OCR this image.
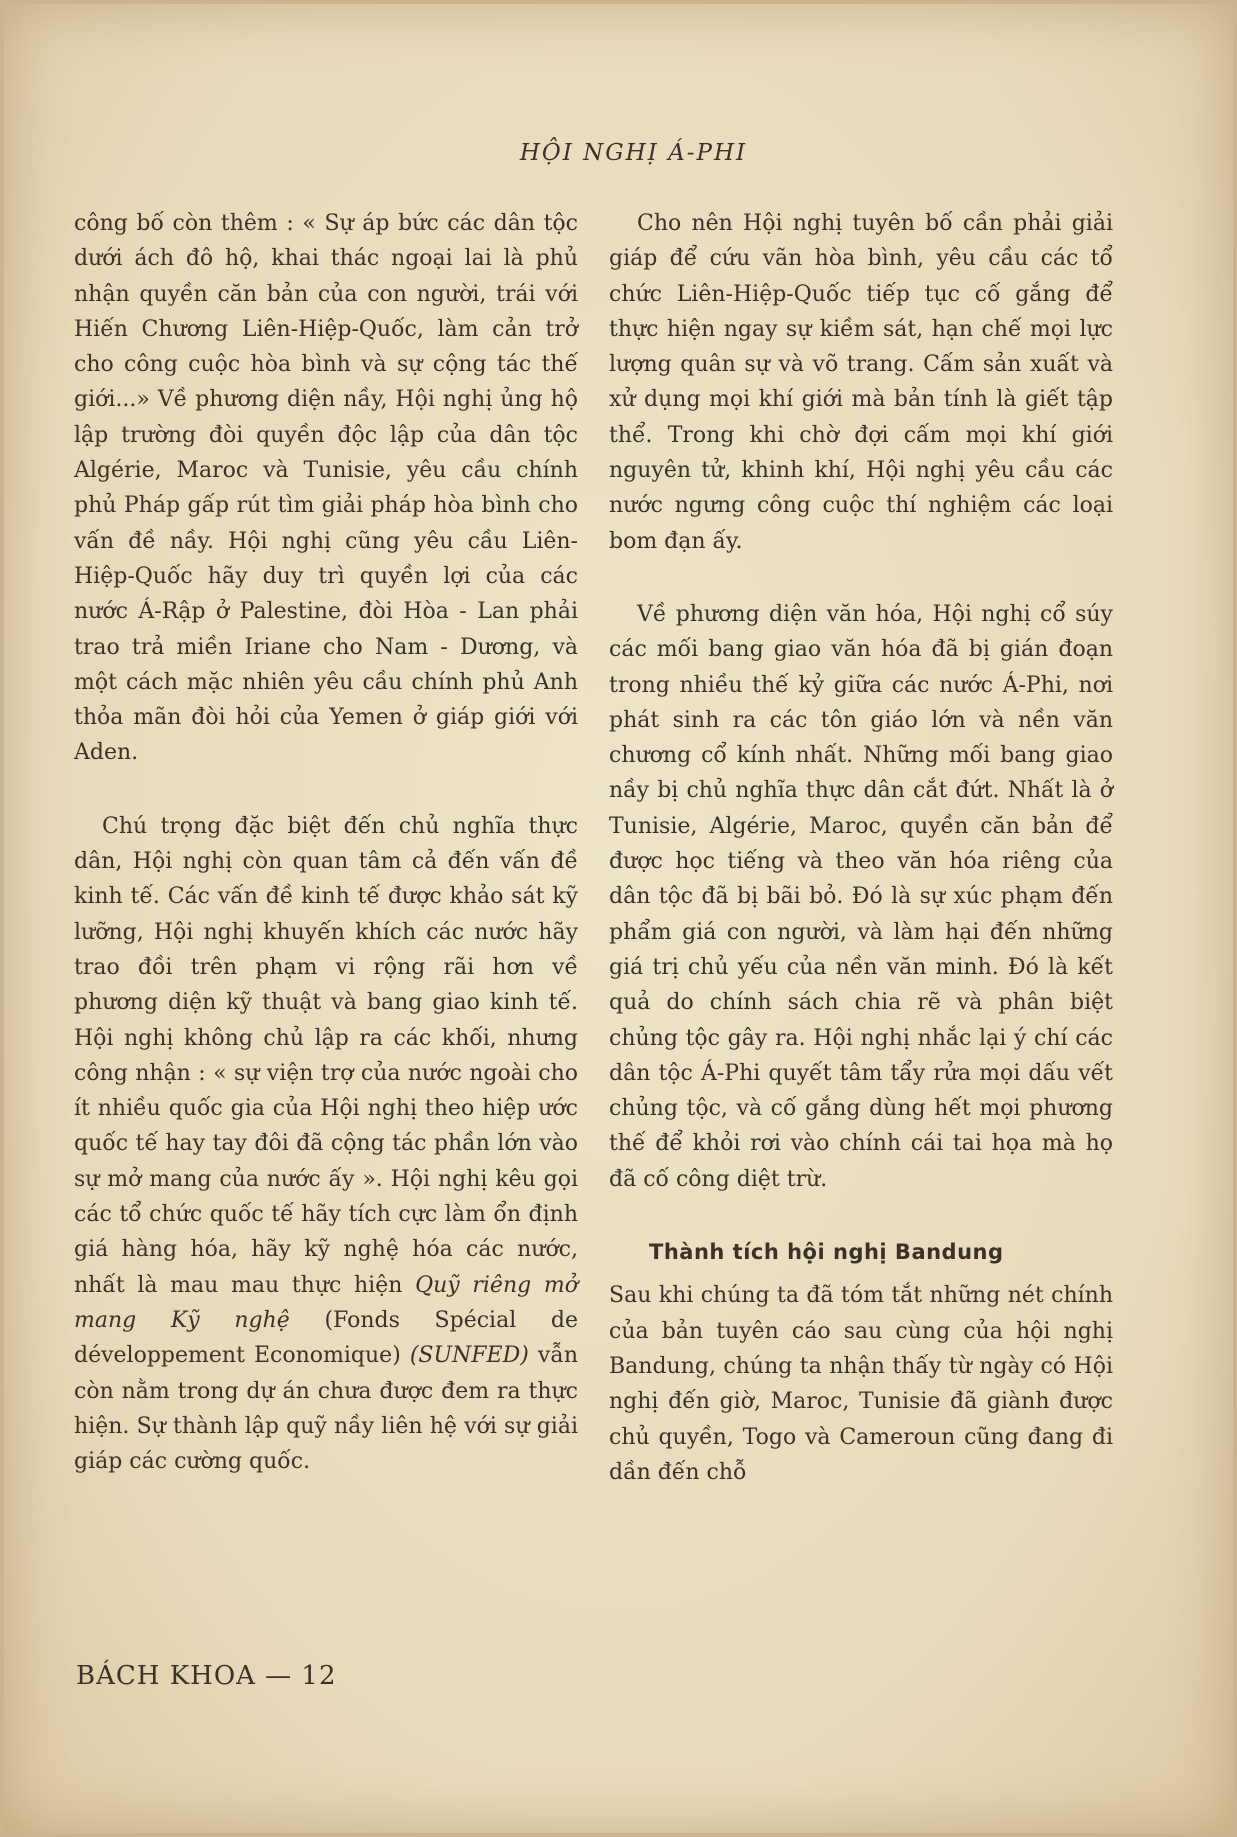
HỘI NGHỊ Á-PHI

công bố còn thêm : « Sự áp bức các dân tộc dưới ách đô hộ, khai thác ngoại lai là phủ nhận quyền căn bản của con người, trái với Hiến Chương Liên-Hiệp-Quốc, làm cản trở cho công cuộc hòa bình và sự cộng tác thế giới...» Về phương diện nầy, Hội nghị ủng hộ lập trường đòi quyền độc lập của dân tộc Algérie, Maroc và Tunisie, yêu cầu chính phủ Pháp gấp rút tìm giải pháp hòa bình cho vấn đề nầy. Hội nghị cũng yêu cầu Liên-Hiệp-Quốc hãy duy trì quyền lợi của các nước Á-Rập ở Palestine, đòi Hòa - Lan phải trao trả miền Iriane cho Nam - Dương, và một cách mặc nhiên yêu cầu chính phủ Anh thỏa mãn đòi hỏi của Yemen ở giáp giới với Aden.

Chú trọng đặc biệt đến chủ nghĩa thực dân, Hội nghị còn quan tâm cả đến vấn đề kinh tế. Các vấn đề kinh tế được khảo sát kỹ lưỡng, Hội nghị khuyến khích các nước hãy trao đồi trên phạm vi rộng rãi hơn về phương diện kỹ thuật và bang giao kinh tế. Hội nghị không chủ lập ra các khối, nhưng công nhận : « sự viện trợ của nước ngoài cho ít nhiều quốc gia của Hội nghị theo hiệp ước quốc tế hay tay đôi đã cộng tác phần lớn vào sự mở mang của nước ấy ». Hội nghị kêu gọi các tổ chức quốc tế hãy tích cực làm ổn định giá hàng hóa, hãy kỹ nghệ hóa các nước, nhất là mau mau thực hiện Quỹ riêng mở mang Kỹ nghệ (Fonds Spécial de développement Economique) (SUNFED) vẫn còn nằm trong dự án chưa được đem ra thực hiện. Sự thành lập quỹ nầy liên hệ với sự giải giáp các cường quốc.

Cho nên Hội nghị tuyên bố cần phải giải giáp để cứu vãn hòa bình, yêu cầu các tổ chức Liên-Hiệp-Quốc tiếp tục cố gắng để thực hiện ngay sự kiềm sát, hạn chế mọi lực lượng quân sự và võ trang. Cấm sản xuất và xử dụng mọi khí giới mà bản tính là giết tập thể. Trong khi chờ đợi cấm mọi khí giới nguyên tử, khinh khí, Hội nghị yêu cầu các nước ngưng công cuộc thí nghiệm các loại bom đạn ấy.

Về phương diện văn hóa, Hội nghị cổ súy các mối bang giao văn hóa đã bị gián đoạn trong nhiều thế kỷ giữa các nước Á-Phi, nơi phát sinh ra các tôn giáo lớn và nền văn chương cổ kính nhất. Những mối bang giao nầy bị chủ nghĩa thực dân cắt đứt. Nhất là ở Tunisie, Algérie, Maroc, quyền căn bản để được học tiếng và theo văn hóa riêng của dân tộc đã bị bãi bỏ. Đó là sự xúc phạm đến phẩm giá con người, và làm hại đến những giá trị chủ yếu của nền văn minh. Đó là kết quả do chính sách chia rẽ và phân biệt chủng tộc gây ra. Hội nghị nhắc lại ý chí các dân tộc Á-Phi quyết tâm tẩy rửa mọi dấu vết chủng tộc, và cố gắng dùng hết mọi phương thế để khỏi rơi vào chính cái tai họa mà họ đã cố công diệt trừ.

Thành tích hội nghị Bandung

Sau khi chúng ta đã tóm tắt những nét chính của bản tuyên cáo sau cùng của hội nghị Bandung, chúng ta nhận thấy từ ngày có Hội nghị đến giờ, Maroc, Tunisie đã giành được chủ quyền, Togo và Cameroun cũng đang đi dần đến chỗ

BÁCH KHOA — 12
